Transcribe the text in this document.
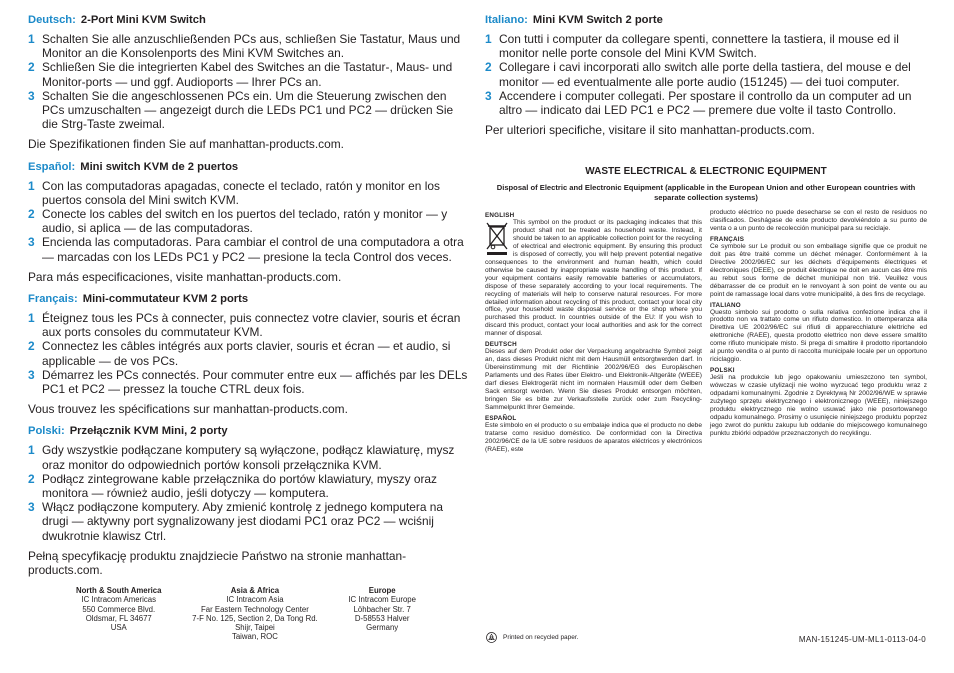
Deutsch: 2-Port Mini KVM Switch
1 Schalten Sie alle anzuschließenden PCs aus, schließen Sie Tastatur, Maus und Monitor an die Konsolenports des Mini KVM Switches an.
2 Schließen Sie die integrierten Kabel des Switches an die Tastatur-, Maus- und Monitor-ports — und ggf. Audioports — Ihrer PCs an.
3 Schalten Sie die angeschlossenen PCs ein. Um die Steuerung zwischen den PCs umzuschalten — angezeigt durch die LEDs PC1 und PC2 — drücken Sie die Strg-Taste zweimal.
Die Spezifikationen finden Sie auf manhattan-products.com.
Español: Mini switch KVM de 2 puertos
1 Con las computadoras apagadas, conecte el teclado, ratón y monitor en los puertos consola del Mini switch KVM.
2 Conecte los cables del switch en los puertos del teclado, ratón y monitor — y audio, si aplica — de las computadoras.
3 Encienda las computadoras. Para cambiar el control de una computadora a otra — marcadas con los LEDs PC1 y PC2 — presione la tecla Control dos veces.
Para más especificaciones, visite manhattan-products.com.
Français: Mini-commutateur KVM 2 ports
1 Éteignez tous les PCs à connecter, puis connectez votre clavier, souris et écran aux ports consoles du commutateur KVM.
2 Connectez les câbles intégrés aux ports clavier, souris et écran — et audio, si applicable — de vos PCs.
3 Démarrez les PCs connectés. Pour commuter entre eux — affichés par les DELs PC1 et PC2 — pressez la touche CTRL deux fois.
Vous trouvez les spécifications sur manhattan-products.com.
Polski: Przełącznik KVM Mini, 2 porty
1 Gdy wszystkie podłączane komputery są wyłączone, podłącz klawiaturę, mysz oraz monitor do odpowiednich portów konsoli przełącznika KVM.
2 Podłącz zintegrowane kable przełącznika do portów klawiatury, myszy oraz monitora — również audio, jeśli dotyczy — komputera.
3 Włącz podłączone komputery. Aby zmienić kontrolę z jednego komputera na drugi — aktywny port sygnalizowany jest diodami PC1 oraz PC2 — wciśnij dwukrotnie klawisz Ctrl.
Pełną specyfikację produktu znajdziecie Państwo na stronie manhattan-products.com.
Italiano: Mini KVM Switch 2 porte
1 Con tutti i computer da collegare spenti, connettere la tastiera, il mouse ed il monitor nelle porte console del Mini KVM Switch.
2 Collegare i cavi incorporati allo switch alle porte della tastiera, del mouse e del monitor — ed eventualmente alle porte audio (151245) — dei tuoi computer.
3 Accendere i computer collegati. Per spostare il controllo da un computer ad un altro — indicato dai LED PC1 e PC2 — premere due volte il tasto Controllo.
Per ulteriori specifiche, visitare il sito manhattan-products.com.
North & South America
IC Intracom Americas
550 Commerce Blvd.
Oldsmar, FL 34677
USA
Asia & Africa
IC Intracom Asia
Far Eastern Technology Center
7-F No. 125, Section 2, Da Tong Rd.
Shijr, Taipei
Taiwan, ROC
Europe
IC Intracom Europe
Löhbacher Str. 7
D-58553 Halver
Germany
WASTE ELECTRICAL & ELECTRONIC EQUIPMENT
Disposal of Electric and Electronic Equipment (applicable in the European Union and other European countries with separate collection systems)
ENGLISH

This symbol on the product or its packaging indicates that this product shall not be treated as household waste. Instead, it should be taken to an applicable collection point for the recycling of electrical and electronic equipment. By ensuring this product is disposed of correctly, you will help prevent potential negative consequences to the environment and human health, which could otherwise be caused by inappropriate waste handling of this product. If your equipment contains easily removable batteries or accumulators, dispose of these separately according to your local requirements. The recycling of materials will help to conserve natural resources. For more detailed information about recycling of this product, contact your local city office, your household waste disposal service or the shop where you purchased this product. In countries outside of the EU: If you wish to discard this product, contact your local authorities and ask for the correct manner of disposal.

DEUTSCH

Dieses auf dem Produkt oder der Verpackung angebrachte Symbol zeigt an, dass dieses Produkt nicht mit dem Hausmüll entsorgtwerden darf. In Übereinstimmung mit der Richtlinie 2002/96/EG des Europäischen Parlaments und des Rates über Elektro- und Elektronik-Altgeräte (WEEE) darf dieses Elektrogerät nicht im normalen Hausmüll oder dem Gelben Sack entsorgt werden. Wenn Sie dieses Produkt entsorgen möchten, bringen Sie es bitte zur Verkaufsstelle zurück oder zum Recycling-Sammelpunkt Ihrer Gemeinde.

ESPAÑOL

Este símbolo en el producto o su embalaje indica que el producto no debe tratarse como residuo doméstico. De conformidad con la Directiva 2002/96/CE de la UE sobre residuos de aparatos eléctricos y electrónicos (RAEE), este

producto eléctrico no puede desecharse se con el resto de residuos no clasificados. Deshágase de este producto devolviéndolo a su punto de venta o a un punto de recolección municipal para su reciclaje.

FRANÇAIS

Ce symbole sur Le produit ou son emballage signifie que ce produit ne doit pas être traité comme un déchet ménager. Conformément à la Directive 2002/96/EC sur les déchets d’équipements électriques et électroniques (DEEE), ce produit électrique ne doit en aucun cas être mis au rebut sous forme de déchet municipal non trié. Veuillez vous débarrasser de ce produit en le renvoyant à son point de vente ou au point de ramassage local dans votre municipalité, à des fins de recyclage.

ITALIANO

Questo simbolo sui prodotto o sulla relativa confezione indica che il prodotto non va trattato come un rifiuto domestico. In ottemperanza alla Direttiva UE 2002/96/EC sui rifiuti di apparecchiature elettriche ed elettroniche (RAEE), questa prodotto elettrico non deve essere smaltito come rifiuto municipale misto. Si prega di smaltire il prodotto riportandolo al punto vendita o al punto di raccolta municipale locale per un opportuno riciclaggio.

POLSKI

Jeśli na produkcie lub jego opakowaniu umieszczono ten symbol, wówczas w czasie utylizacji nie wolno wyrzucać tego produktu wraz z odpadami komunalnymi. Zgodnie z Dyrektywą Nr 2002/96/WE w sprawie zużytego sprzętu elektrycznego i elektronicznego (WEEE), niniejszego produktu elektrycznego nie wolno usuwać jako nie posortowanego odpadu komunalnego. Prosimy o usunięcie niniejszego produktu poprzez jego zwrot do punktu zakupu lub oddanie do miejscowego komunalnego punktu zbiórki odpadów przeznaczonych do recyklingu.

Printed on recycled paper.	MAN-151245-UM-ML1-0113-04-0
